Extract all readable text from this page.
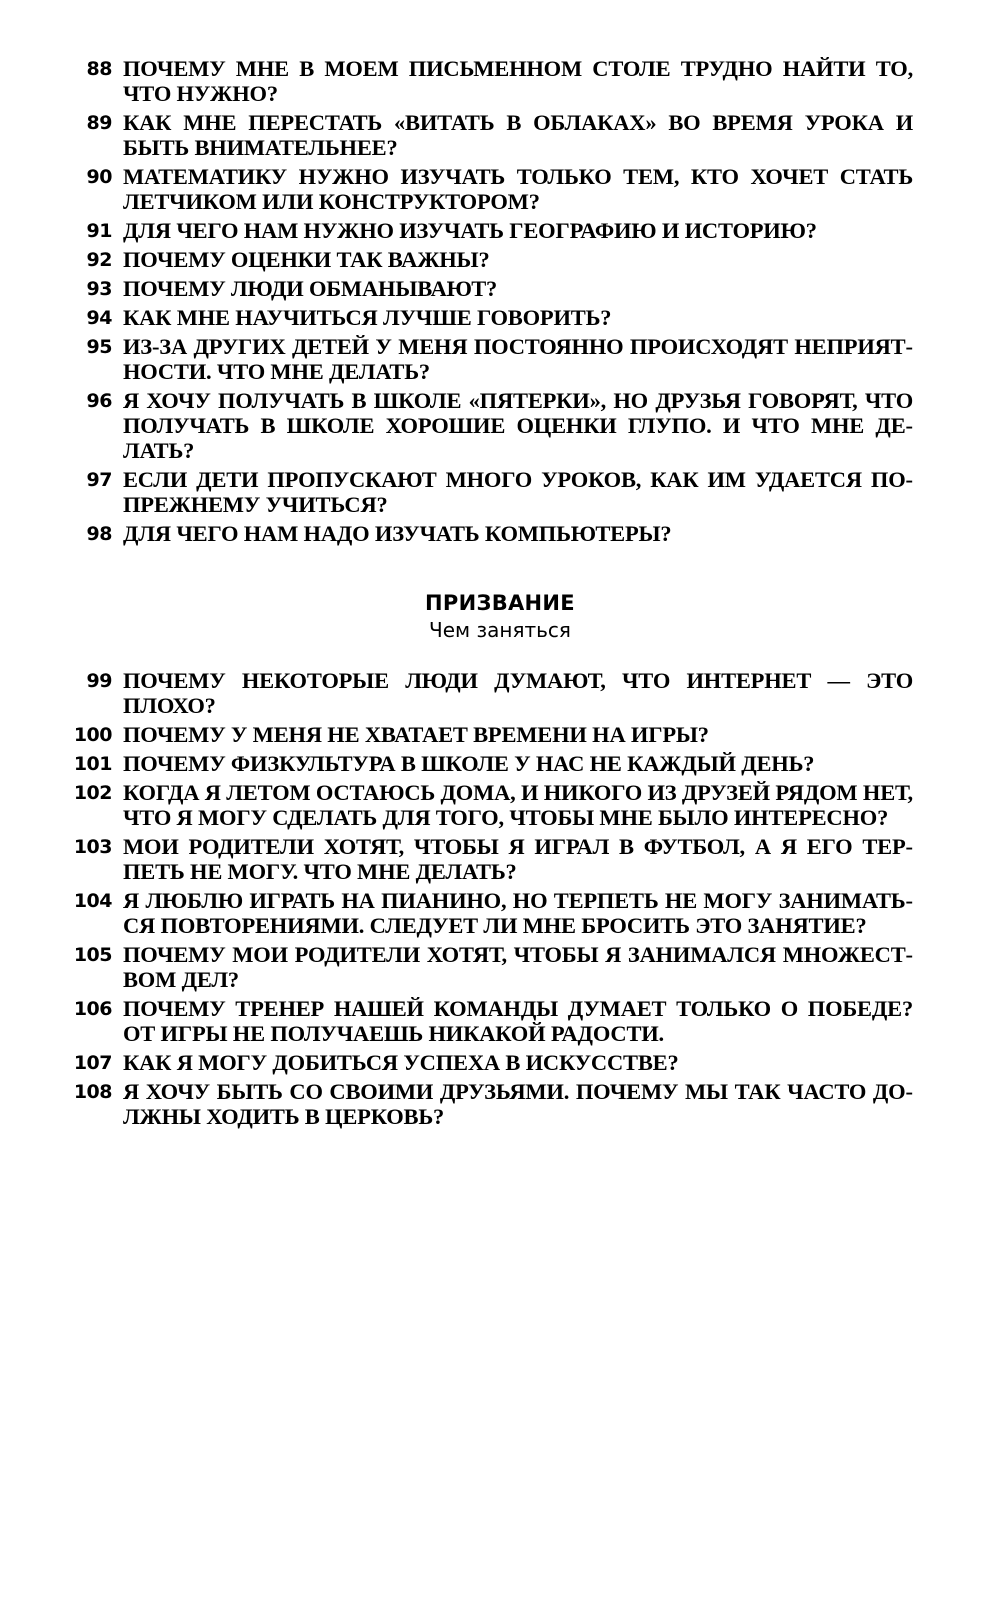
88 ПОЧЕМУ МНЕ В МОЕМ ПИСЬМЕННОМ СТОЛЕ ТРУДНО НАЙТИ ТО, ЧТО НУЖНО?
89 КАК МНЕ ПЕРЕСТАТЬ «ВИТАТЬ В ОБЛАКАХ» ВО ВРЕМЯ УРОКА И БЫТЬ ВНИМАТЕЛЬНЕЕ?
90 МАТЕМАТИКУ НУЖНО ИЗУЧАТЬ ТОЛЬКО ТЕМ, КТО ХОЧЕТ СТАТЬ ЛЕТЧИКОМ ИЛИ КОНСТРУКТОРОМ?
91 ДЛЯ ЧЕГО НАМ НУЖНО ИЗУЧАТЬ ГЕОГРАФИЮ И ИСТОРИЮ?
92 ПОЧЕМУ ОЦЕНКИ ТАК ВАЖНЫ?
93 ПОЧЕМУ ЛЮДИ ОБМАНЫВАЮТ?
94 КАК МНЕ НАУЧИТЬСЯ ЛУЧШЕ ГОВОРИТЬ?
95 ИЗ-ЗА ДРУГИХ ДЕТЕЙ У МЕНЯ ПОСТОЯННО ПРОИСХОДЯТ НЕПРИЯТНОСТИ. ЧТО МНЕ ДЕЛАТЬ?
96 Я ХОЧУ ПОЛУЧАТЬ В ШКОЛЕ «ПЯТЕРКИ», НО ДРУЗЬЯ ГОВОРЯТ, ЧТО ПОЛУЧАТЬ В ШКОЛЕ ХОРОШИЕ ОЦЕНКИ ГЛУПО. И ЧТО МНЕ ДЕЛАТЬ?
97 ЕСЛИ ДЕТИ ПРОПУСКАЮТ МНОГО УРОКОВ, КАК ИМ УДАЕТСЯ ПОПРЕЖНЕМУ УЧИТЬСЯ?
98 ДЛЯ ЧЕГО НАМ НАДО ИЗУЧАТЬ КОМПЬЮТЕРЫ?

ПРИЗВАНИЕ

Чем заняться

99 ПОЧЕМУ НЕКОТОРЫЕ ЛЮДИ ДУМАЮТ, ЧТО ИНТЕРНЕТ — ЭТО ПЛОХО?
100 ПОЧЕМУ У МЕНЯ НЕ ХВАТАЕТ ВРЕМЕНИ НА ИГРЫ?
101 ПОЧЕМУ ФИЗКУЛЬТУРА В ШКОЛЕ У НАС НЕ КАЖДЫЙ ДЕНЬ?
102 КОГДА Я ЛЕТОМ ОСТАЮСЬ ДОМА, И НИКОГО ИЗ ДРУЗЕЙ РЯДОМ НЕТ, ЧТО Я МОГУ СДЕЛАТЬ ДЛЯ ТОГО, ЧТОБЫ МНЕ БЫЛО ИНТЕРЕСНО?
103 МОИ РОДИТЕЛИ ХОТЯТ, ЧТОБЫ Я ИГРАЛ В ФУТБОЛ, А Я ЕГО ТЕРПЕТЬ НЕ МОГУ. ЧТО МНЕ ДЕЛАТЬ?
104 Я ЛЮБЛЮ ИГРАТЬ НА ПИАНИНО, НО ТЕРПЕТЬ НЕ МОГУ ЗАНИМАТЬСЯ ПОВТОРЕНИЯМИ. СЛЕДУЕТ ЛИ МНЕ БРОСИТЬ ЭТО ЗАНЯТИЕ?
105 ПОЧЕМУ МОИ РОДИТЕЛИ ХОТЯТ, ЧТОБЫ Я ЗАНИМАЛСЯ МНОЖЕСТВОМ ДЕЛ?
106 ПОЧЕМУ ТРЕНЕР НАШЕЙ КОМАНДЫ ДУМАЕТ ТОЛЬКО О ПОБЕДЕ? ОТ ИГРЫ НЕ ПОЛУЧАЕШЬ НИКАКОЙ РАДОСТИ.
107 КАК Я МОГУ ДОБИТЬСЯ УСПЕХА В ИСКУССТВЕ?
108 Я ХОЧУ БЫТЬ СО СВОИМИ ДРУЗЬЯМИ. ПОЧЕМУ МЫ ТАК ЧАСТО ДОЛЖНЫ ХОДИТЬ В ЦЕРКОВЬ?
